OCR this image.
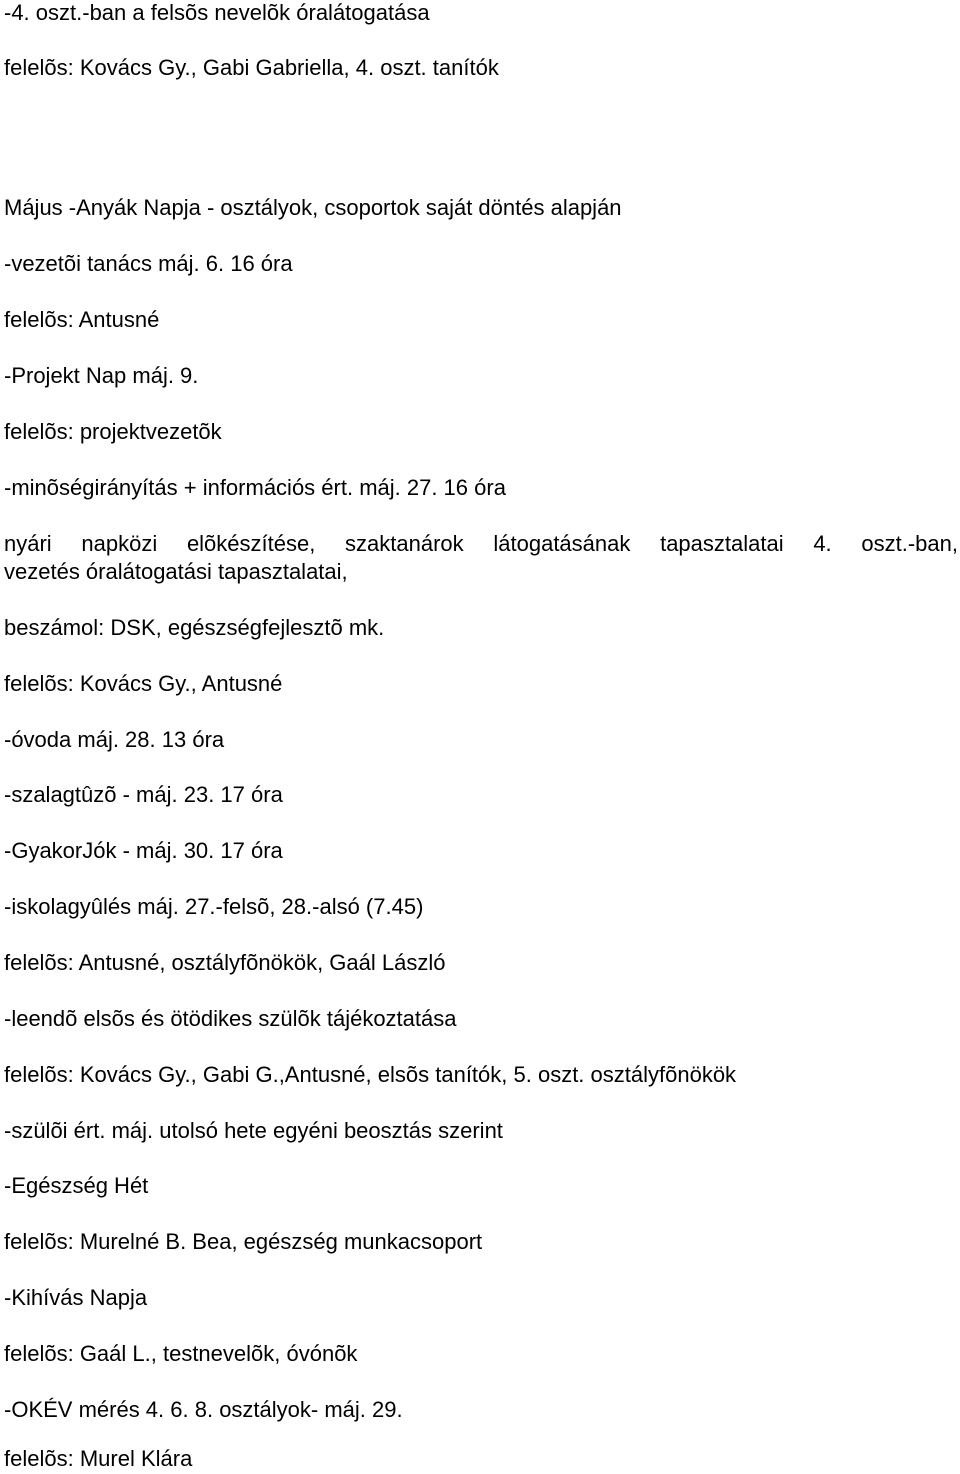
-4. oszt.-ban a felsõs nevelõk óralátogatása

felelõs: Kovács Gy., Gabi Gabriella, 4. oszt. tanítók

Május -Anyák Napja - osztályok, csoportok saját döntés alapján

-vezetõi tanács máj. 6. 16 óra

felelõs: Antusné

-Projekt Nap máj. 9.

felelõs: projektvezetõk

-minõségirányítás + információs ért. máj. 27. 16 óra

nyári napközi elõkészítése, szaktanárok látogatásának tapasztalatai 4. oszt.-ban,

vezetés óralátogatási tapasztalatai,

beszámol: DSK, egészségfejlesztõ mk.

felelõs: Kovács Gy., Antusné

-óvoda máj. 28. 13 óra

-szalagtûzõ - máj. 23. 17 óra

-GyakorJók - máj. 30. 17 óra

-iskolagyûlés máj. 27.-felsõ, 28.-alsó (7.45)

felelõs: Antusné, osztályfõnökök, Gaál László

-leendõ elsõs és ötödikes szülõk tájékoztatása

felelõs: Kovács Gy., Gabi G.,Antusné, elsõs tanítók, 5. oszt. osztályfõnökök

-szülõi ért. máj. utolsó hete egyéni beosztás szerint

-Egészség Hét

felelõs: Murelné B. Bea, egészség munkacsoport

-Kihívás Napja

felelõs: Gaál L., testnevelõk, óvónõk

-OKÉV mérés 4. 6. 8. osztályok- máj. 29.

felelõs: Murel Klára
